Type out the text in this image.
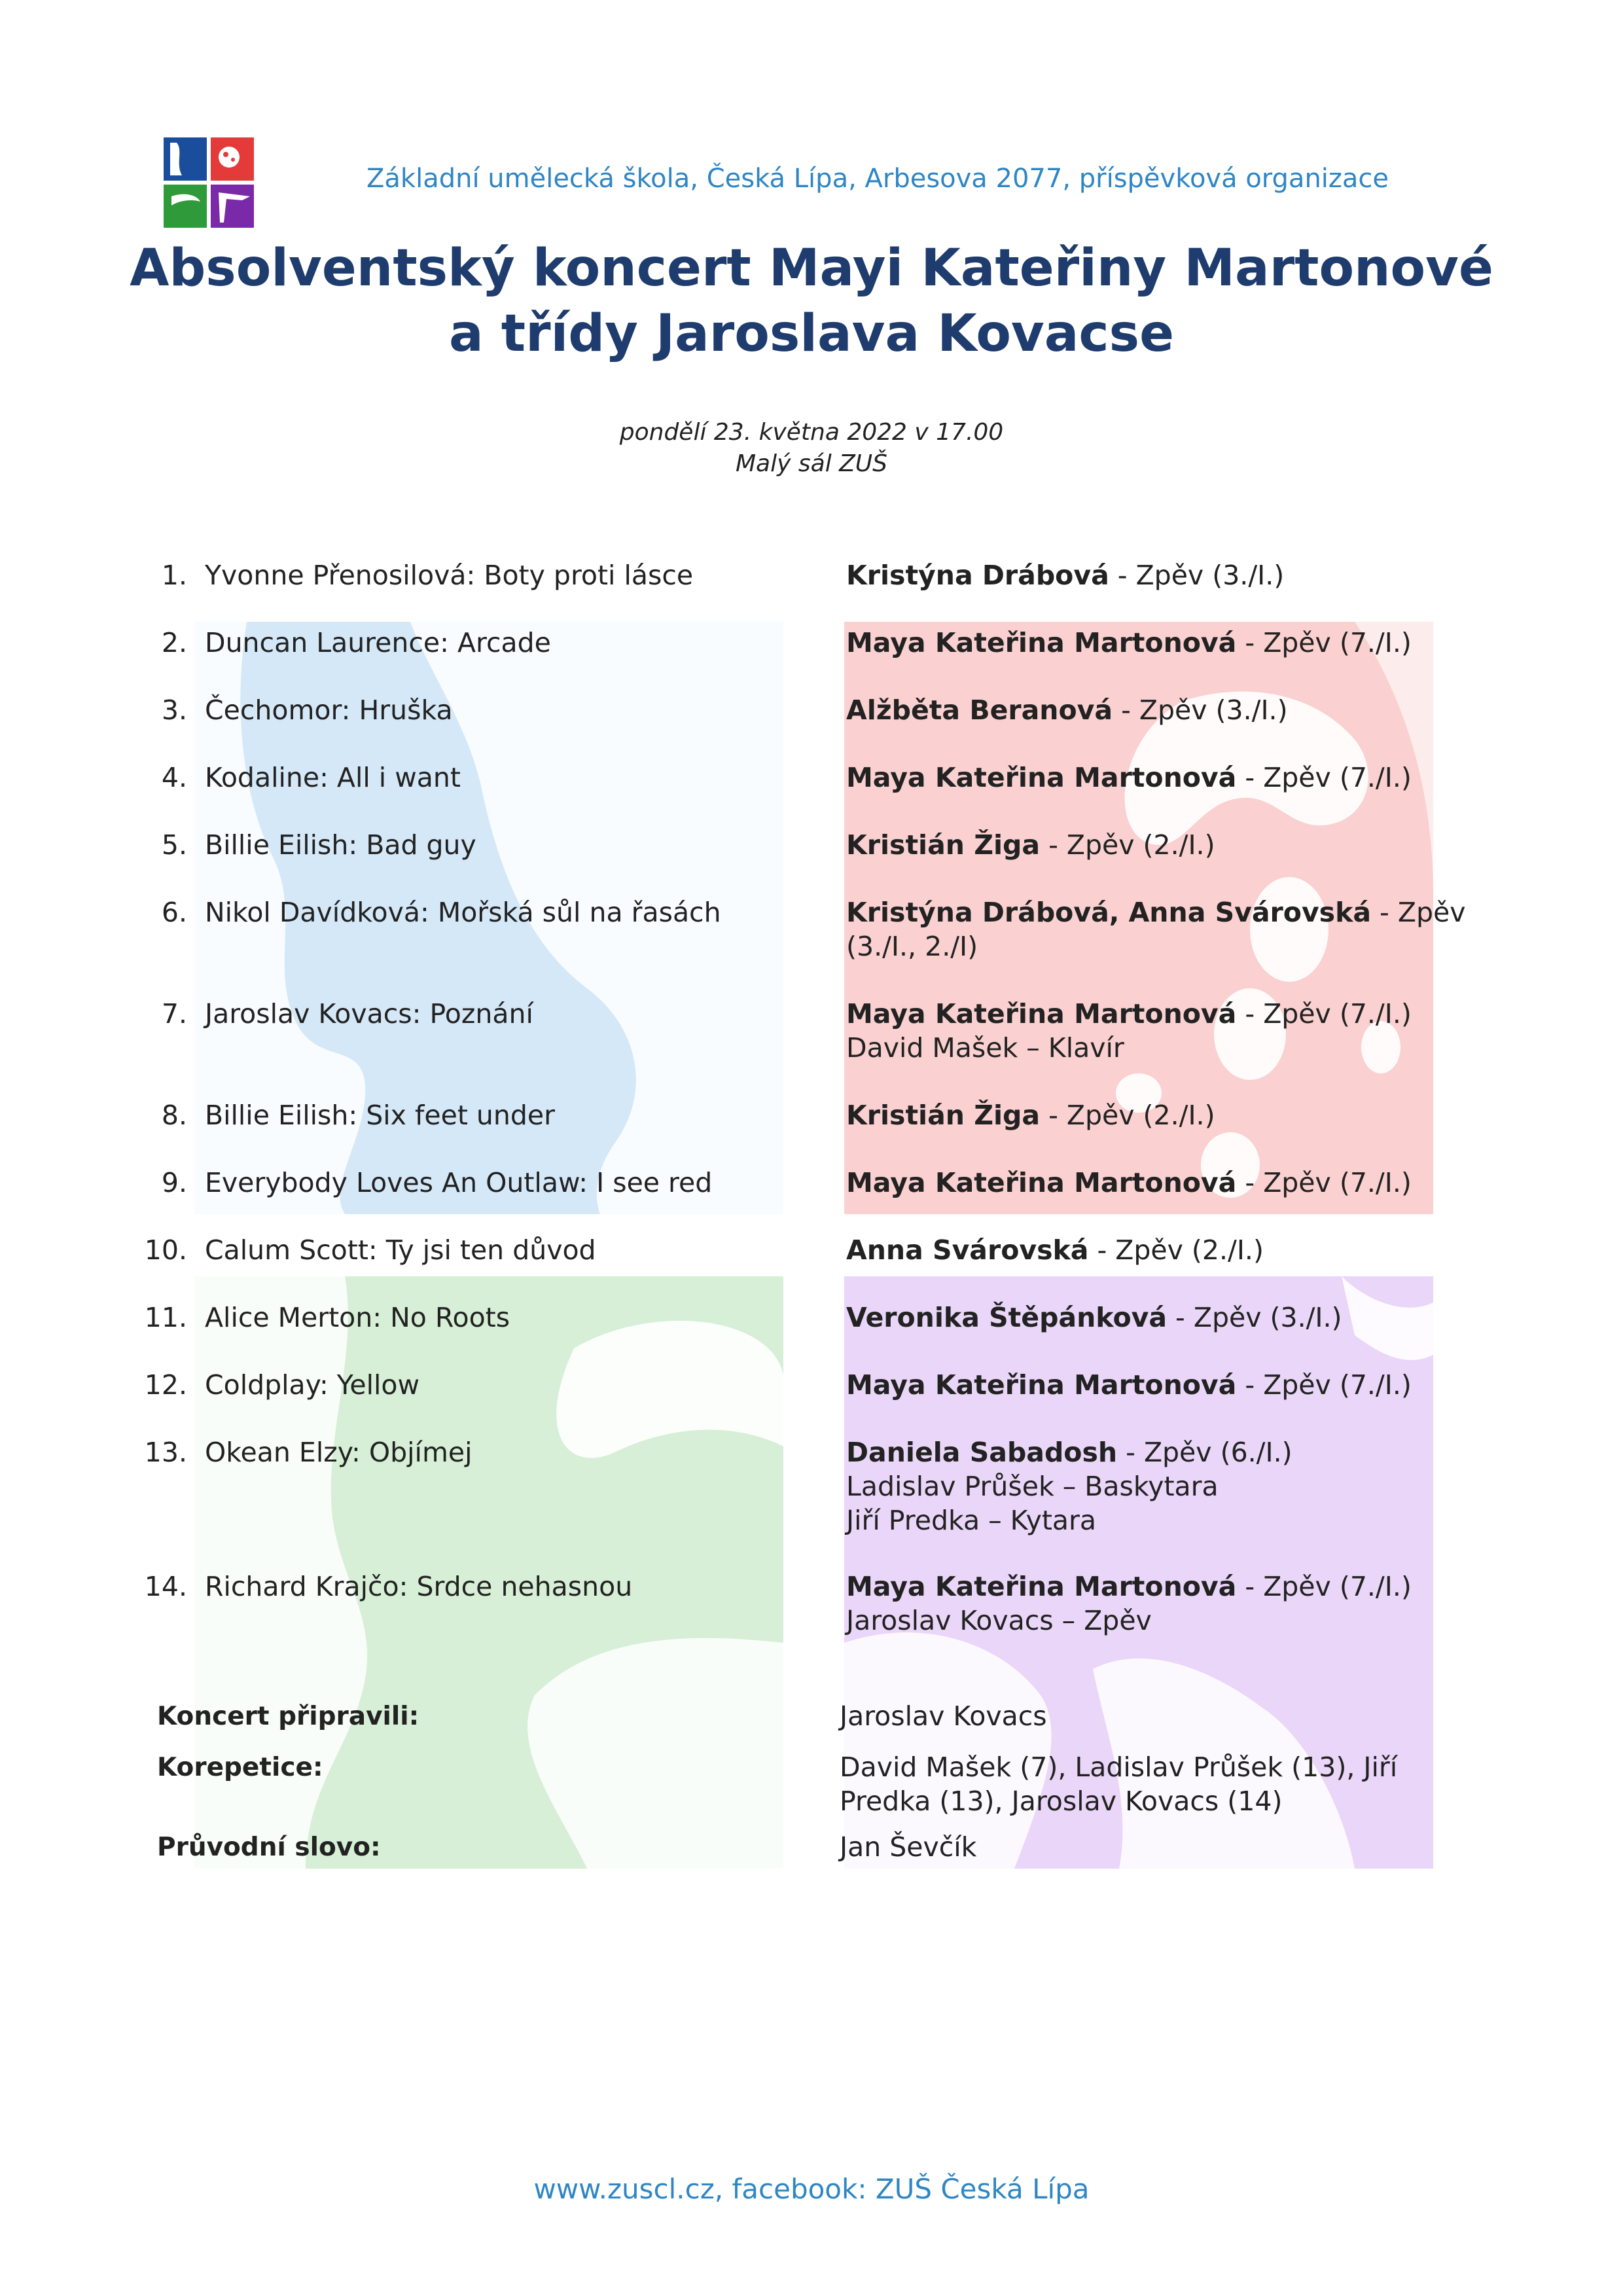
Základní umělecká škola, Česká Lípa, Arbesova 2077, příspěvková organizace
Absolventský koncert Mayi Kateřiny Martonové
a třídy Jaroslava Kovacse
pondělí 23. května 2022 v 17.00
Malý sál ZUŠ
1. Yvonne Přenosilová: Boty proti lásce	Kristýna Drábová - Zpěv (3./I.)
2. Duncan Laurence: Arcade	Maya Kateřina Martonová - Zpěv (7./I.)
3. Čechomor: Hruška	Alžběta Beranová - Zpěv (3./I.)
4. Kodaline: All i want	Maya Kateřina Martonová - Zpěv (7./I.)
5. Billie Eilish: Bad guy	Kristián Žiga - Zpěv (2./I.)
6. Nikol Davídková: Mořská sůl na řasách	Kristýna Drábová, Anna Svárovská - Zpěv (3./I., 2./I)
7. Jaroslav Kovacs: Poznání	Maya Kateřina Martonová - Zpěv (7./I.)
David Mašek – Klavír
8. Billie Eilish: Six feet under	Kristián Žiga - Zpěv (2./I.)
9. Everybody Loves An Outlaw: I see red	Maya Kateřina Martonová - Zpěv (7./I.)
10. Calum Scott: Ty jsi ten důvod	Anna Svárovská - Zpěv (2./I.)
11. Alice Merton: No Roots	Veronika Štěpánková - Zpěv (3./I.)
12. Coldplay: Yellow	Maya Kateřina Martonová - Zpěv (7./I.)
13. Okean Elzy: Objímej	Daniela Sabadosh - Zpěv (6./I.)
Ladislav Průšek – Baskytara
Jiří Predka – Kytara
14. Richard Krajčo: Srdce nehasnou	Maya Kateřina Martonová - Zpěv (7./I.)
Jaroslav Kovacs – Zpěv
Koncert připravili:	Jaroslav Kovacs
Korepetice:	David Mašek (7), Ladislav Průšek (13), Jiří Predka (13), Jaroslav Kovacs (14)
Průvodní slovo:	Jan Ševčík
www.zuscl.cz, facebook: ZUŠ Česká Lípa
